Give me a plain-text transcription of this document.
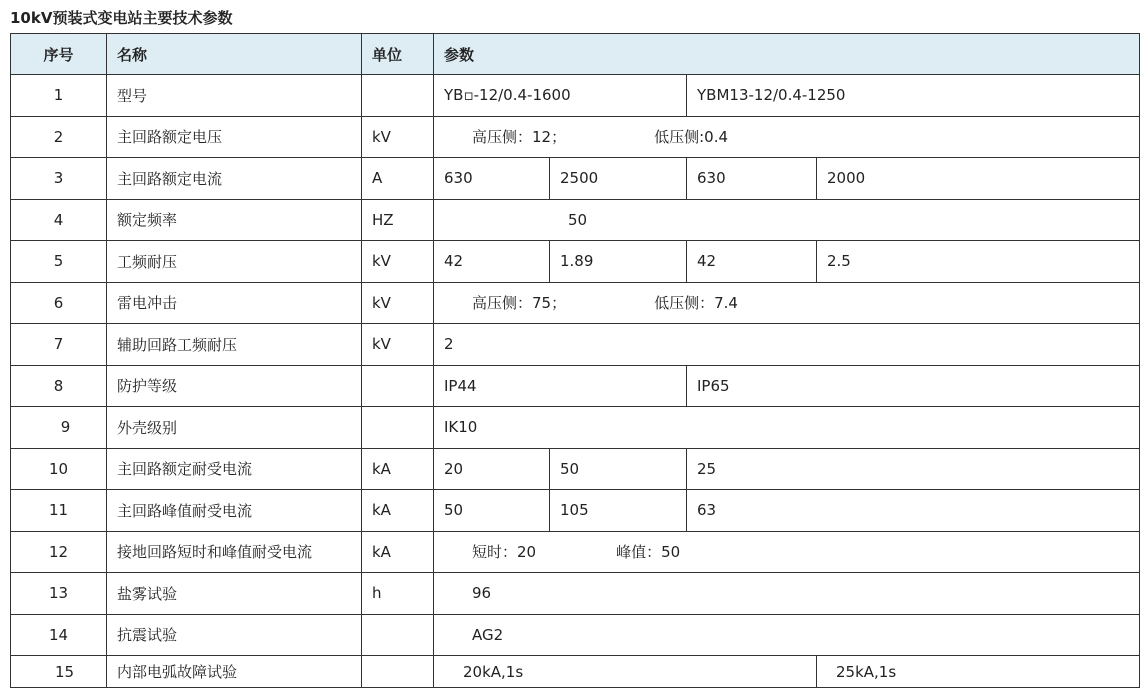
10kV预装式变电站主要技术参数
序号	名称	单位	参数			
1	型号		YB▫-12/0.4-1600		YBM13-12/0.4-1250	
2	主回路额定电压	kV	高压侧：12； 低压侧:0.4			
3	主回路额定电流	A	630	2500	630	2000
4	额定频率	HZ	50			
5	工频耐压	kV	42	1.89	42	2.5
6	雷电冲击	kV	高压侧：75； 低压侧：7.4			
7	辅助回路工频耐压	kV	2			
8	防护等级		IP44		IP65	
9	外壳级别		IK10			
10	主回路额定耐受电流	kA	20	50	25	
11	主回路峰值耐受电流	kA	50	105	63	
12	接地回路短时和峰值耐受电流	kA	短时：20 峰值：50			
13	盐雾试验	h	96			
14	抗震试验		AG2			
15	内部电弧故障试验		20kA,1s			25kA,1s
